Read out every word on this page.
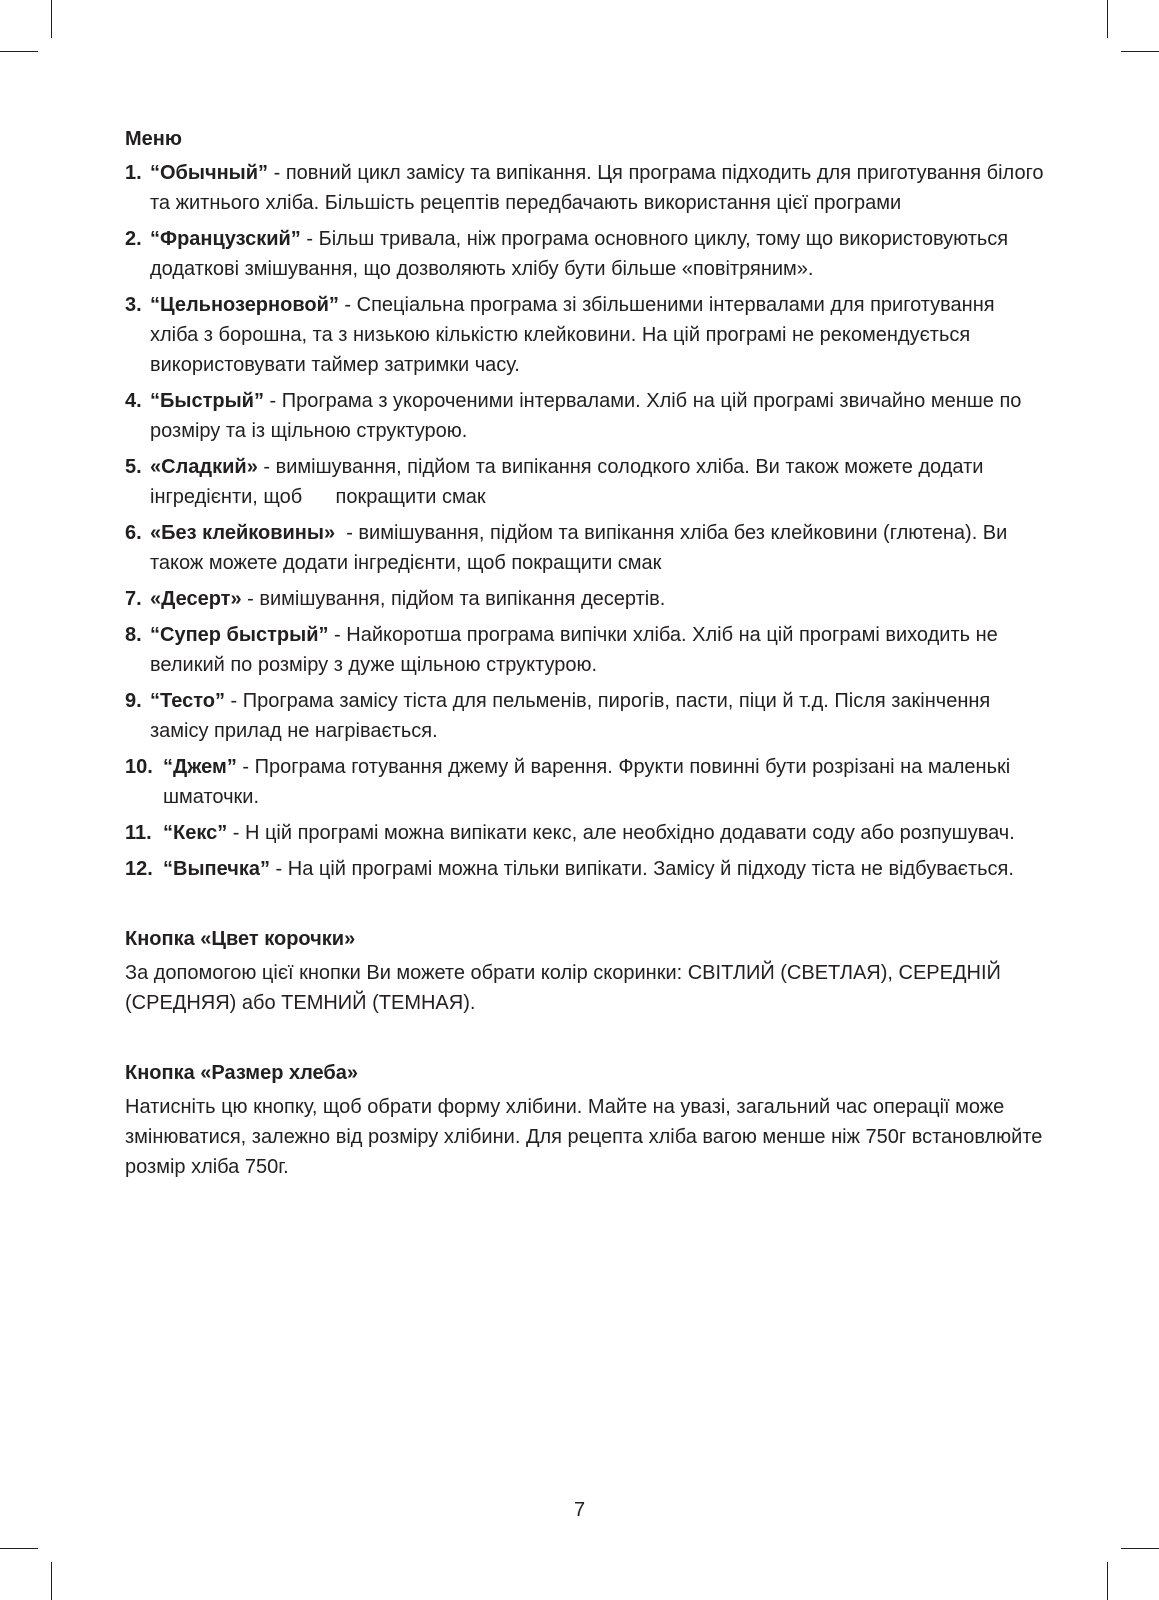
Меню
1. “Обычный” - повний цикл замісу та випікання. Ця програма підходить для приготування білого та житнього хліба. Більшість рецептів передбачають використання цієї програми
2. “Французский” - Більш тривала, ніж програма основного циклу, тому що використовуються додаткові змішування, що дозволяють хлібу бути більше «повітряним».
3. “Цельнозерновой” - Спеціальна програма зі збільшеними інтервалами для приготування хліба з борошна, та з низькою кількістю клейковини. На цій програмі не рекомендується використовувати таймер затримки часу.
4. “Быстрый” - Програма з укороченими інтервалами. Хліб на цій програмі звичайно менше по розміру та із щільною структурою.
5. «Сладкий» - вимішування, підйом та випікання солодкого хліба. Ви також можете додати інгредієнти, щоб      покращити смак
6. «Без клейковины»  - вимішування, підйом та випікання хліба без клейковини (глютена). Ви також можете додати інгредієнти, щоб покращити смак
7. «Десерт» - вимішування, підйом та випікання десертів.
8. “Супер быстрый” - Найкоротша програма випічки хліба. Хліб на цій програмі виходить не великий по розміру з дуже щільною структурою.
9. “Тесто” - Програма замісу тіста для пельменів, пирогів, пасти, піци й т.д. Після закінчення замісу прилад не нагрівається.
10. “Джем” - Програма готування джему й варення. Фрукти повинні бути розрізані на маленькі шматочки.
11. “Кекс” - Н цій програмі можна випікати кекс, але необхідно додавати соду або розпушувач.
12. “Выпечка” - На цій програмі можна тільки випікати. Замісу й підходу тіста не відбувається.
Кнопка «Цвет корочки»

За допомогою цієї кнопки Ви можете обрати колір скоринки: СВІТЛИЙ (СВЕТЛАЯ), СЕРЕДНІЙ (СРЕДНЯЯ) або ТЕМНИЙ (ТЕМНАЯ).

Кнопка «Размер хлеба»

Натисніть цю кнопку, щоб обрати форму хлібини. Майте на увазі, загальний час операції може змінюватися, залежно від розміру хлібини. Для рецепта хліба вагою менше ніж 750г встановлюйте розмір хліба 750г.

7
